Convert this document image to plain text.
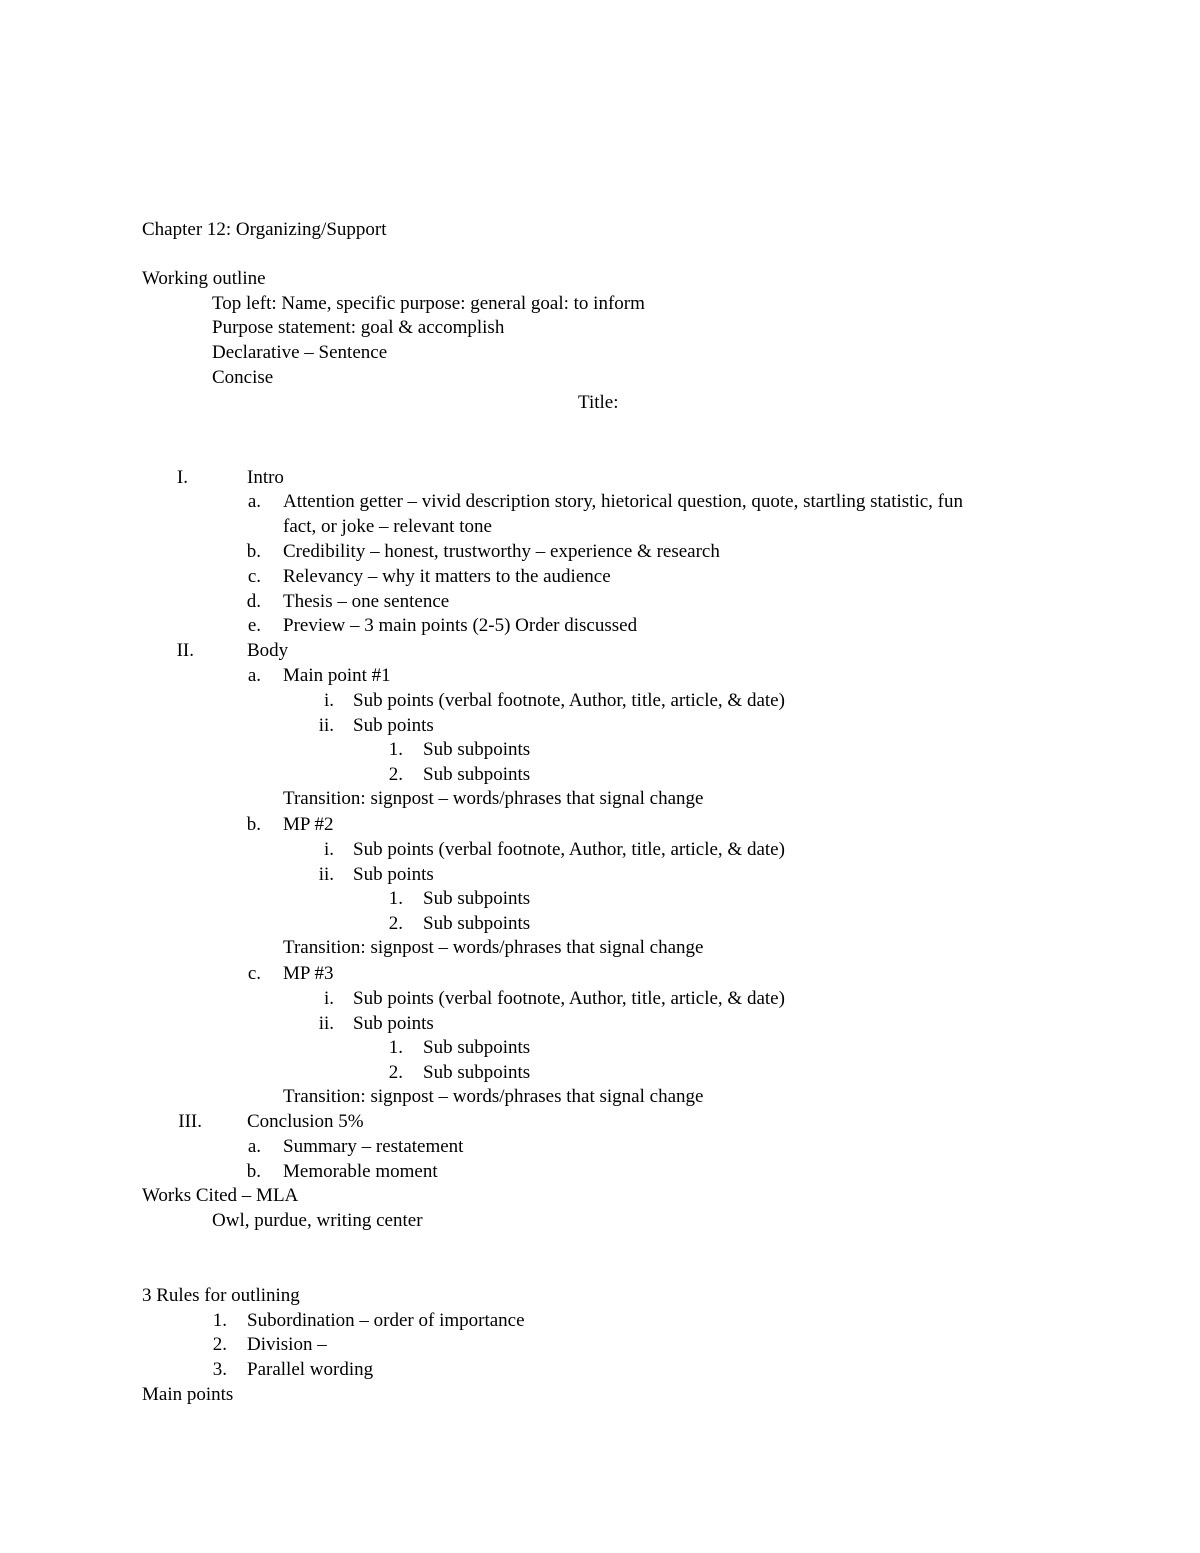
Chapter 12: Organizing/Support
Working outline
Top left: Name, specific purpose: general goal: to inform
Purpose statement: goal & accomplish
Declarative – Sentence
Concise
Title:
I.	Intro
a. Attention getter – vivid description story, hietorical question, quote, startling statistic, fun
fact, or joke – relevant tone
b. Credibility – honest, trustworthy – experience & research
c. Relevancy – why it matters to the audience
d. Thesis – one sentence
e. Preview – 3 main points (2-5) Order discussed
II.	Body
a. Main point #1
i. Sub points (verbal footnote, Author, title, article, & date)
ii. Sub points
1. Sub subpoints
2. Sub subpoints
Transition: signpost – words/phrases that signal change
b. MP #2
i. Sub points (verbal footnote, Author, title, article, & date)
ii. Sub points
1. Sub subpoints
2. Sub subpoints
Transition: signpost – words/phrases that signal change
c. MP #3
i. Sub points (verbal footnote, Author, title, article, & date)
ii. Sub points
1. Sub subpoints
2. Sub subpoints
Transition: signpost – words/phrases that signal change
III. Conclusion 5%
a. Summary – restatement
b. Memorable moment
Works Cited – MLA
Owl, purdue, writing center
3 Rules for outlining
1. Subordination – order of importance
2. Division –
3. Parallel wording
Main points
